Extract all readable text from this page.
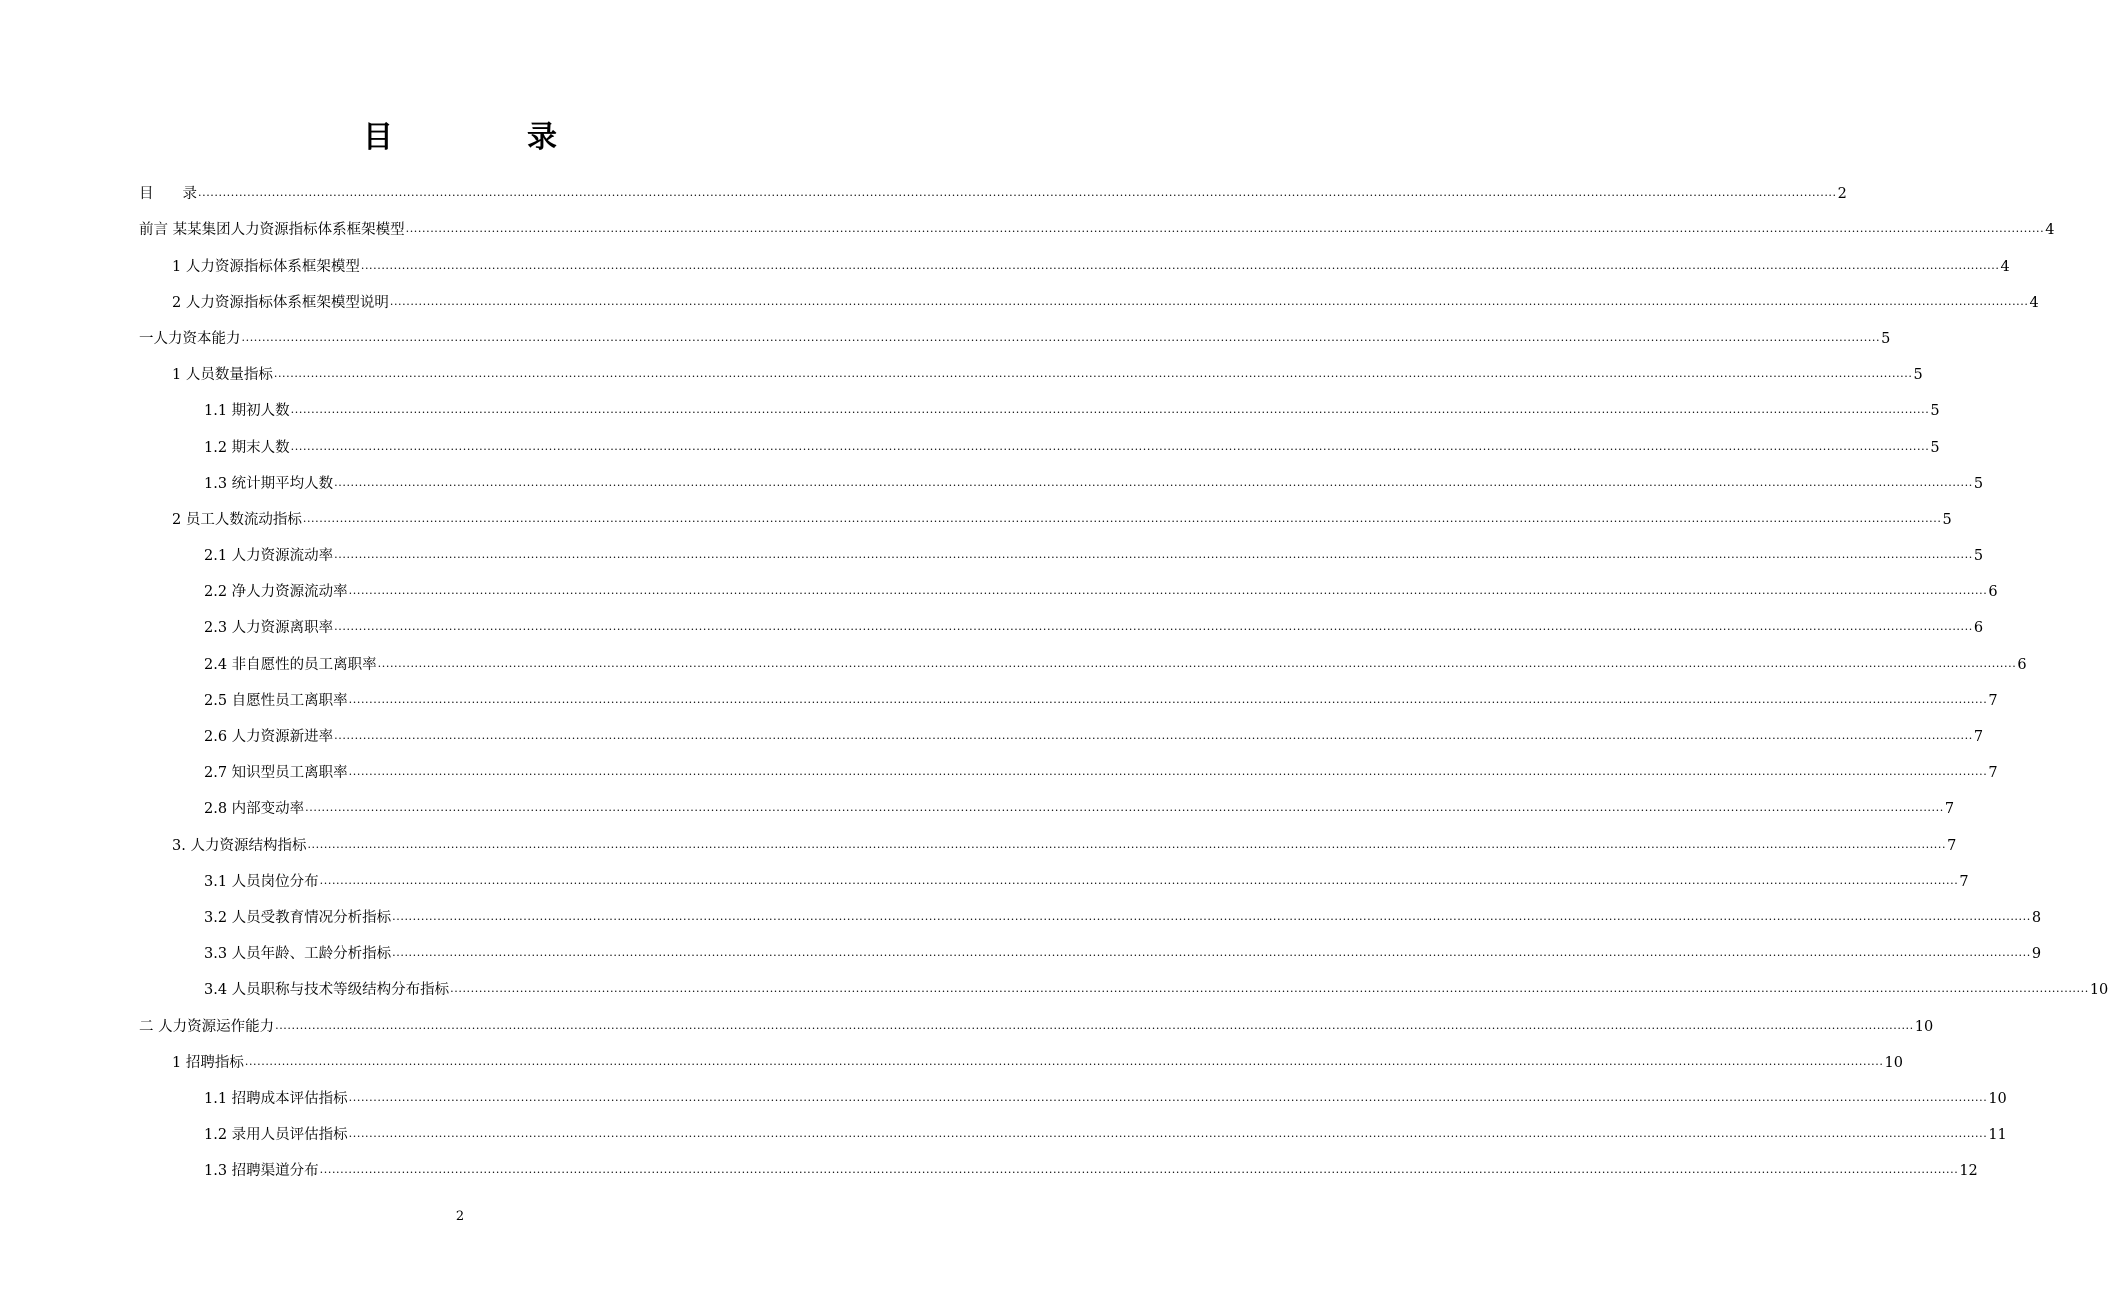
目　录
目　　录 ................................................................................................................................................................................................................................................................................................................................................................................................................ 2
前言 某某集团人力资源指标体系框架模型 ................................................................................................................................................................................................................................................................................................................................................................................................................ 4
1 人力资源指标体系框架模型 ................................................................................................................................................................................................................................................................................................................................................................................................................ 4
2 人力资源指标体系框架模型说明 ................................................................................................................................................................................................................................................................................................................................................................................................................ 4
一人力资本能力 ................................................................................................................................................................................................................................................................................................................................................................................................................ 5
1 人员数量指标 ................................................................................................................................................................................................................................................................................................................................................................................................................ 5
1.1 期初人数 ................................................................................................................................................................................................................................................................................................................................................................................................................ 5
1.2 期末人数 ................................................................................................................................................................................................................................................................................................................................................................................................................ 5
1.3 统计期平均人数 ................................................................................................................................................................................................................................................................................................................................................................................................................ 5
2 员工人数流动指标 ................................................................................................................................................................................................................................................................................................................................................................................................................ 5
2.1 人力资源流动率 ................................................................................................................................................................................................................................................................................................................................................................................................................ 5
2.2 净人力资源流动率 ................................................................................................................................................................................................................................................................................................................................................................................................................ 6
2.3 人力资源离职率 ................................................................................................................................................................................................................................................................................................................................................................................................................ 6
2.4 非自愿性的员工离职率 ................................................................................................................................................................................................................................................................................................................................................................................................................ 6
2.5 自愿性员工离职率 ................................................................................................................................................................................................................................................................................................................................................................................................................ 7
2.6 人力资源新进率 ................................................................................................................................................................................................................................................................................................................................................................................................................ 7
2.7 知识型员工离职率 ................................................................................................................................................................................................................................................................................................................................................................................................................ 7
2.8 内部变动率 ................................................................................................................................................................................................................................................................................................................................................................................................................ 7
3. 人力资源结构指标 ................................................................................................................................................................................................................................................................................................................................................................................................................ 7
3.1 人员岗位分布 ................................................................................................................................................................................................................................................................................................................................................................................................................ 7
3.2 人员受教育情况分析指标 ................................................................................................................................................................................................................................................................................................................................................................................................................ 8
3.3 人员年龄、工龄分析指标 ................................................................................................................................................................................................................................................................................................................................................................................................................ 9
3.4 人员职称与技术等级结构分布指标 ................................................................................................................................................................................................................................................................................................................................................................................................................ 10
二 人力资源运作能力 ................................................................................................................................................................................................................................................................................................................................................................................................................ 10
1 招聘指标 ................................................................................................................................................................................................................................................................................................................................................................................................................ 10
1.1 招聘成本评估指标 ................................................................................................................................................................................................................................................................................................................................................................................................................ 10
1.2 录用人员评估指标 ................................................................................................................................................................................................................................................................................................................................................................................................................ 11
1.3 招聘渠道分布 ................................................................................................................................................................................................................................................................................................................................................................................................................ 12
2
